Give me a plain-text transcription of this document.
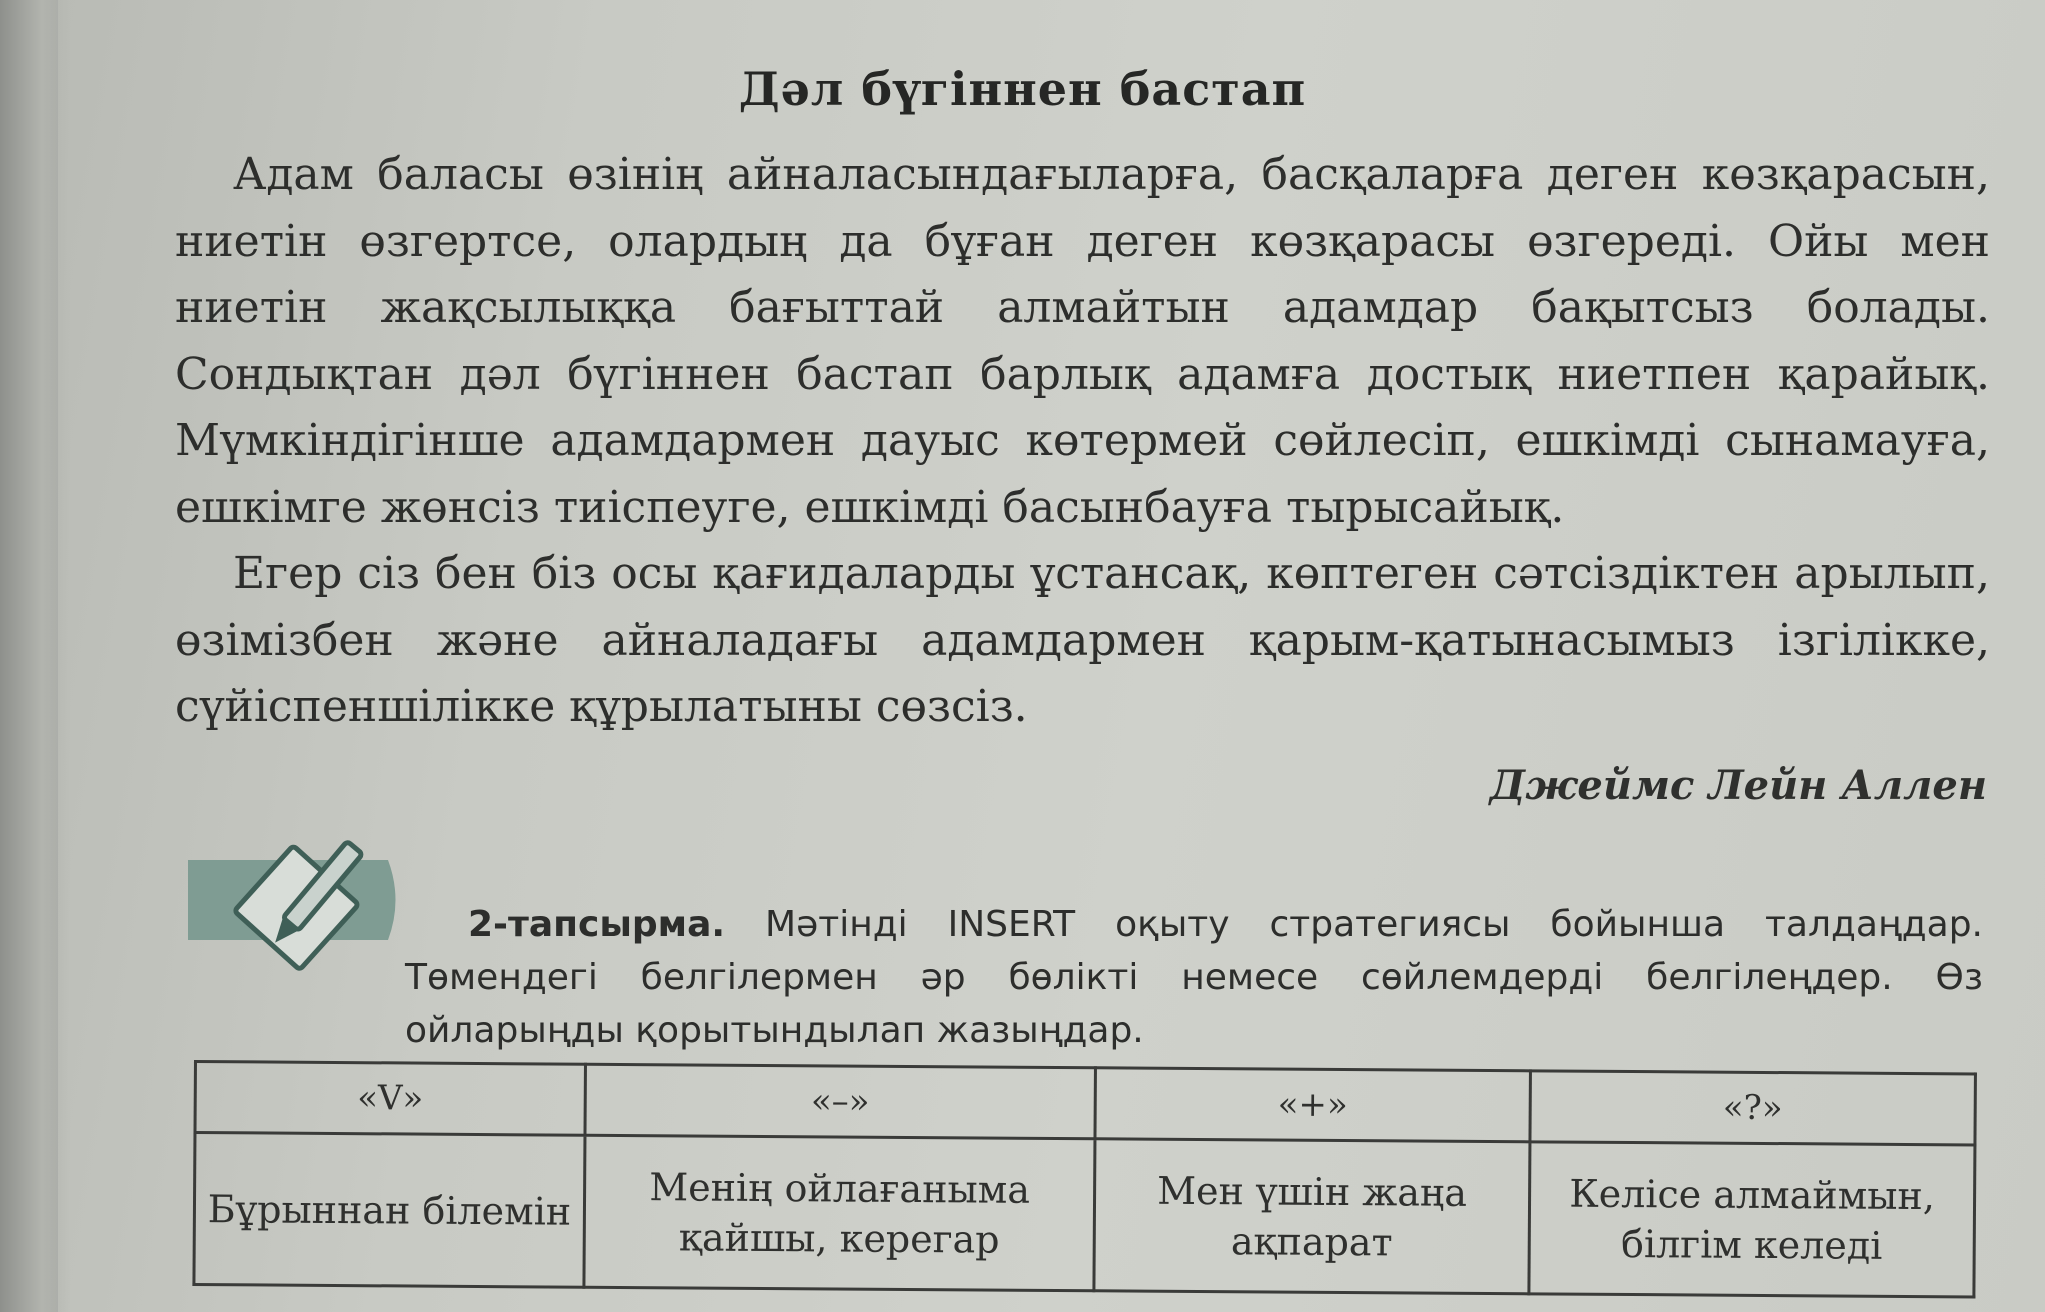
Дәл бүгіннен бастап

Адам баласы өзінің айналасындағыларға, басқаларға деген көзқарасын, ниетін өзгертсе, олардың да бұған деген көзқарасы өзгереді. Ойы мен ниетін жақсылыққа бағыттай алмайтын адамдар бақытсыз болады. Сондықтан дәл бүгіннен бастап барлық адамға достық ниетпен қарайық. Мүмкіндігінше адамдармен дауыс көтермей сөйлесіп, ешкімді сынамауға, ешкімге жөнсіз тиіспеуге, ешкімді басынбауға тырысайық.

Егер сіз бен біз осы қағидаларды ұстансақ, көптеген сәтсіздіктен арылып, өзімізбен және айналадағы адамдармен қарым-қатынасымыз ізгілікке, сүйіспеншілікке құрылатыны сөзсіз.

Джеймс Лейн Аллен
2-тапсырма. Мәтінді INSERT оқыту стратегиясы бойынша талдаңдар. Төмендегі белгілермен әр бөлікті немесе сөйлемдерді белгілеңдер. Өз ойларыңды қорытындылап жазыңдар.
«V»	«–»	«+»	«?»
Бұрыннан білемін	Менің ойлағаныма қайшы, керегар	Мен үшін жаңа ақпарат	Келісе алмаймын, білгім келеді
